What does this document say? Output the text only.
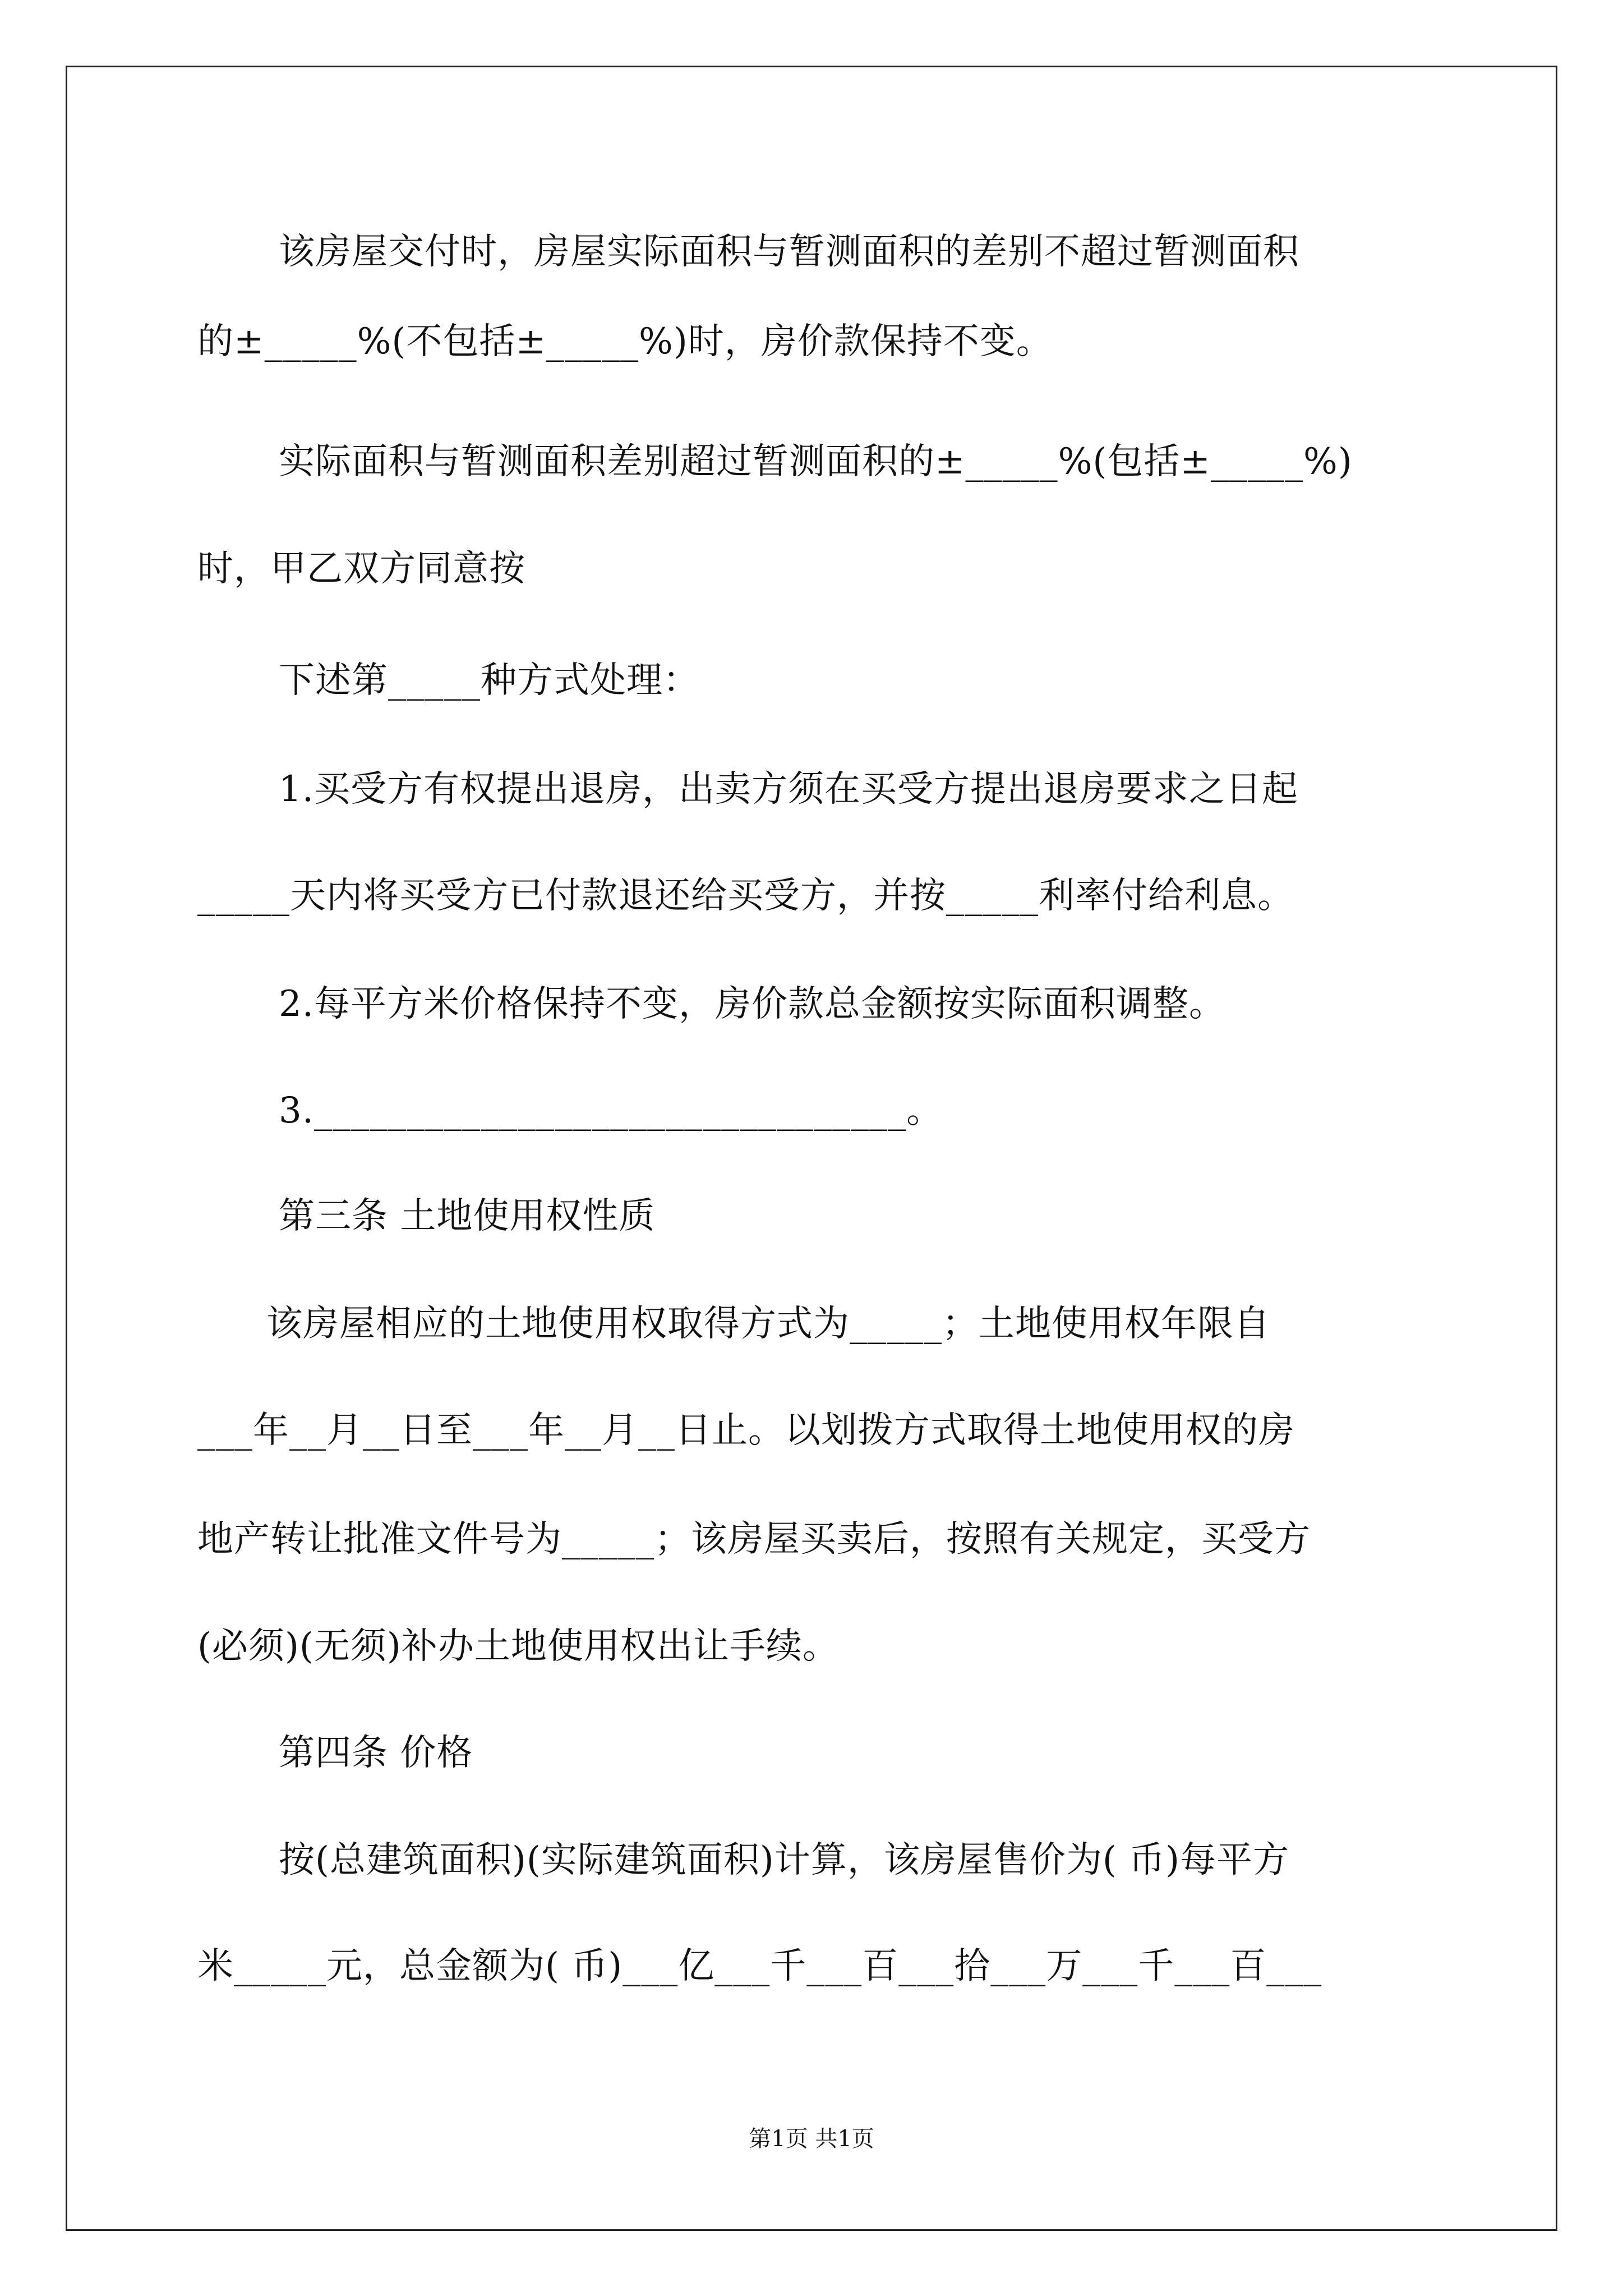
该房屋交付时，房屋实际面积与暂测面积的差别不超过暂测面积

的±_____%(不包括±_____%)时，房价款保持不变。

实际面积与暂测面积差别超过暂测面积的±_____%(包括±_____%)

时，甲乙双方同意按

下述第_____种方式处理：

1.买受方有权提出退房，出卖方须在买受方提出退房要求之日起

_____天内将买受方已付款退还给买受方，并按_____利率付给利息。

2.每平方米价格保持不变，房价款总金额按实际面积调整。

3.________________________________。

第三条 土地使用权性质

该房屋相应的土地使用权取得方式为_____；土地使用权年限自

___年__月__日至___年__月__日止。以划拨方式取得土地使用权的房

地产转让批准文件号为_____；该房屋买卖后，按照有关规定，买受方

(必须)(无须)补办土地使用权出让手续。

第四条 价格

按(总建筑面积)(实际建筑面积)计算，该房屋售价为( 币)每平方

米_____元，总金额为( 币)___亿___千___百___拾___万___千___百___

第1页 共1页
